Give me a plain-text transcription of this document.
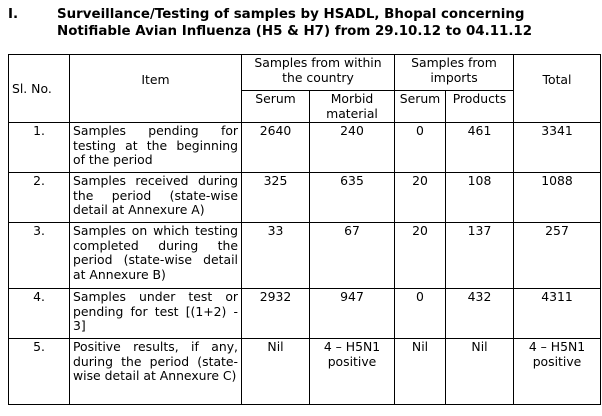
I.	Surveillance/Testing of samples by HSADL, Bhopal concerning Notifiable Avian Influenza (H5 & H7) from 29.10.12 to 04.11.12
Sl. No.	Item	Samples from within the country		Samples from imports		Total
		Serum	Morbid material	Serum	Products	
1.	Samples pending for testing at the beginning of the period	2640	240	0	461	3341
2.	Samples received during the period (state-wise detail at Annexure A)	325	635	20	108	1088
3.	Samples on which testing completed during the period (state-wise detail at Annexure B)	33	67	20	137	257
4.	Samples under test or pending for test [(1+2) - 3]	2932	947	0	432	4311
5.	Positive results, if any, during the period (state-wise detail at Annexure C)	Nil	4 – H5N1 positive	Nil	Nil	4 – H5N1 positive
